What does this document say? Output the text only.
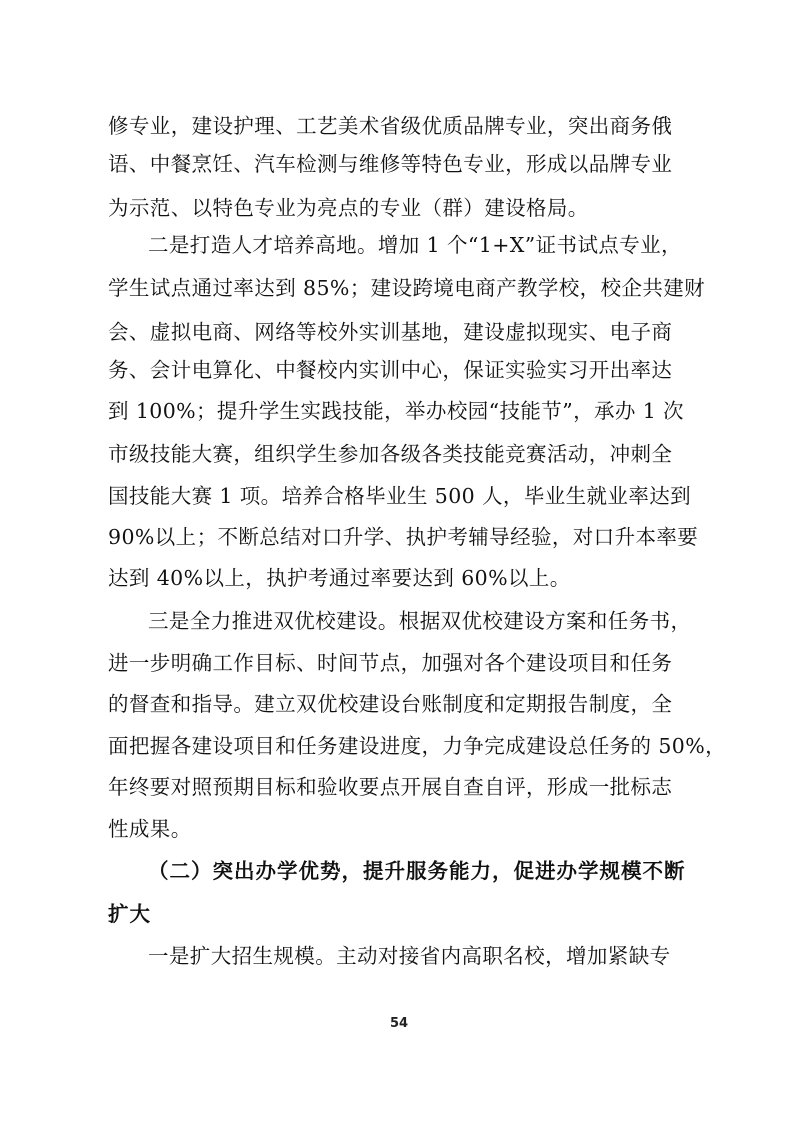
修专业，建设护理、工艺美术省级优质品牌专业，突出商务俄
语、中餐烹饪、汽车检测与维修等特色专业，形成以品牌专业
为示范、以特色专业为亮点的专业（群）建设格局。
二是打造人才培养高地。增加 1 个“1+X”证书试点专业，
学生试点通过率达到 85%；建设跨境电商产教学校，校企共建财
会、虚拟电商、网络等校外实训基地，建设虚拟现实、电子商
务、会计电算化、中餐校内实训中心，保证实验实习开出率达
到 100%；提升学生实践技能，举办校园“技能节”，承办 1 次
市级技能大赛，组织学生参加各级各类技能竞赛活动，冲刺全
国技能大赛 1 项。培养合格毕业生 500 人，毕业生就业率达到
90%以上；不断总结对口升学、执护考辅导经验，对口升本率要
达到 40%以上，执护考通过率要达到 60%以上。
三是全力推进双优校建设。根据双优校建设方案和任务书，
进一步明确工作目标、时间节点，加强对各个建设项目和任务
的督查和指导。建立双优校建设台账制度和定期报告制度，全
面把握各建设项目和任务建设进度，力争完成建设总任务的 50%，
年终要对照预期目标和验收要点开展自查自评，形成一批标志
性成果。
（二）突出办学优势，提升服务能力，促进办学规模不断
扩大
一是扩大招生规模。主动对接省内高职名校，增加紧缺专
54
